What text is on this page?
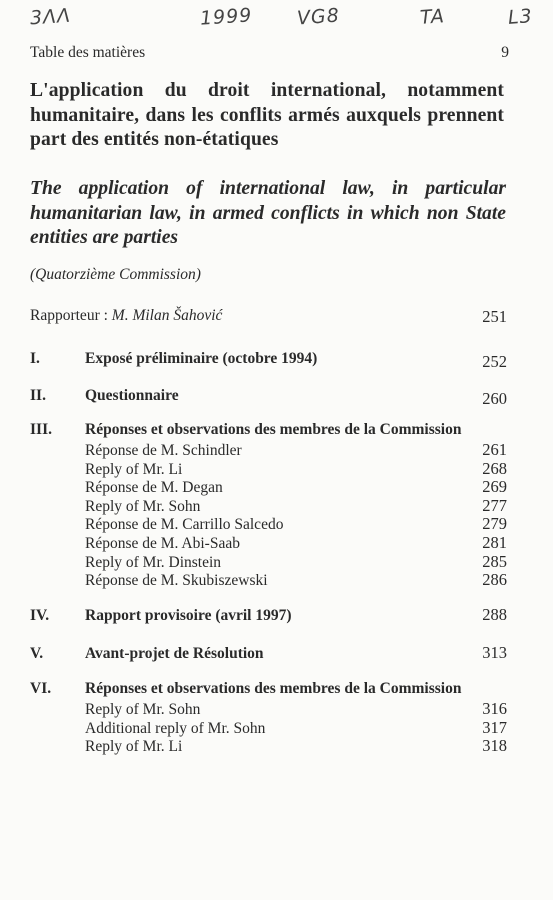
3ɅɅ	1999 VG8	TA	L3
Table des matières	9
L'application du droit international, notamment humanitaire, dans les conflits armés auxquels prennent part des entités non-étatiques
The application of international law, in particular humanitarian law, in armed conflicts in which non State entities are parties
(Quatorzième Commission)
Rapporteur : M. Milan Šahović	251
I.	Exposé préliminaire (octobre 1994)	252
II.	Questionnaire	260
III.	Réponses et observations des membres de la Commission
Réponse de M. Schindler	261
Reply of Mr. Li	268
Réponse de M. Degan	269
Reply of Mr. Sohn	277
Réponse de M. Carrillo Salcedo	279
Réponse de M. Abi-Saab	281
Reply of Mr. Dinstein	285
Réponse de M. Skubiszewski	286
IV.	Rapport provisoire (avril 1997)	288
V.	Avant-projet de Résolution	313
VI.	Réponses et observations des membres de la Commission
Reply of Mr. Sohn	316
Additional reply of Mr. Sohn	317
Reply of Mr. Li	318
